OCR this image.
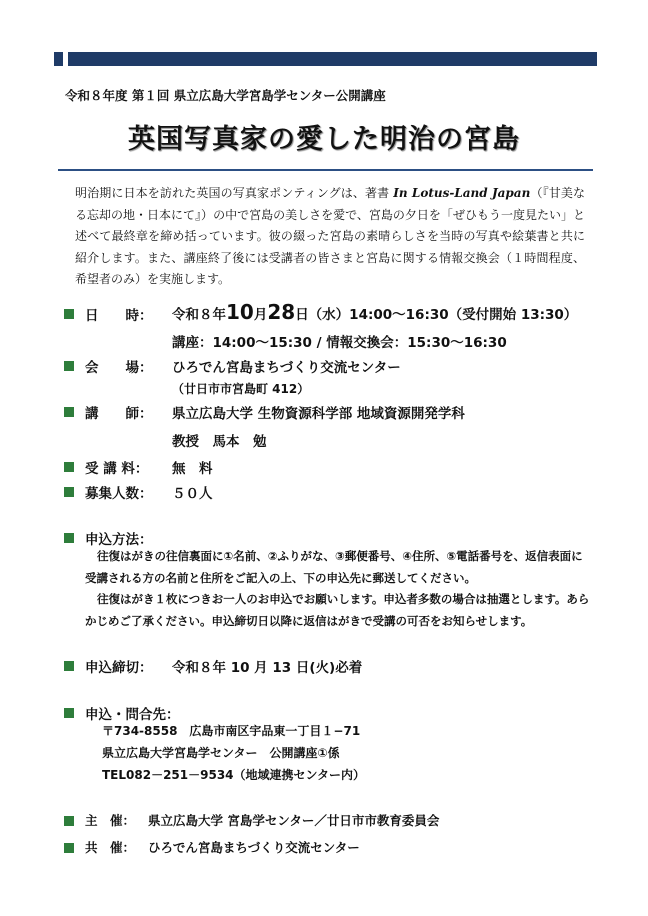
令和８年度 第１回 県立広島大学宮島学センター公開講座
英国写真家の愛した明治の宮島
明治期に日本を訪れた英国の写真家ポンティングは、著書 In Lotus-Land Japan（『甘美なる忘却の地・日本にて』）の中で宮島の美しさを愛で、宮島の夕日を「ぜひもう一度見たい」と述べて最終章を締め括っています。彼の綴った宮島の素晴らしさを当時の写真や絵葉書と共に紹介します。また、講座終了後には受講者の皆さまと宮島に関する情報交換会（１時間程度、希望者のみ）を実施します。
日　　時： 令和８年10月28日（水）14:00～16:30（受付開始 13:30）
講座：14:00～15:30 / 情報交換会：15:30～16:30
会　　場： ひろでん宮島まちづくり交流センター
（廿日市市宮島町 412）
講　　師： 県立広島大学 生物資源科学部 地域資源開発学科
教授　馬本　勉
受 講 料： 無　料
募集人数： ５０人
申込方法：
往復はがきの往信裏面に①名前、②ふりがな、③郵便番号、④住所、⑤電話番号を、返信表面に受講される方の名前と住所をご記入の上、下の申込先に郵送してください。
往復はがき１枚につきお一人のお申込でお願いします。申込者多数の場合は抽選とします。あらかじめご了承ください。申込締切日以降に返信はがきで受講の可否をお知らせします。
申込締切： 令和８年 10 月 13 日(火)必着
申込・問合先：
〒734-8558　広島市南区宇品東一丁目１−71
県立広島大学宮島学センター　公開講座①係
TEL082－251－9534（地域連携センター内）
主　催： 県立広島大学 宮島学センター／廿日市市教育委員会
共　催： ひろでん宮島まちづくり交流センター
